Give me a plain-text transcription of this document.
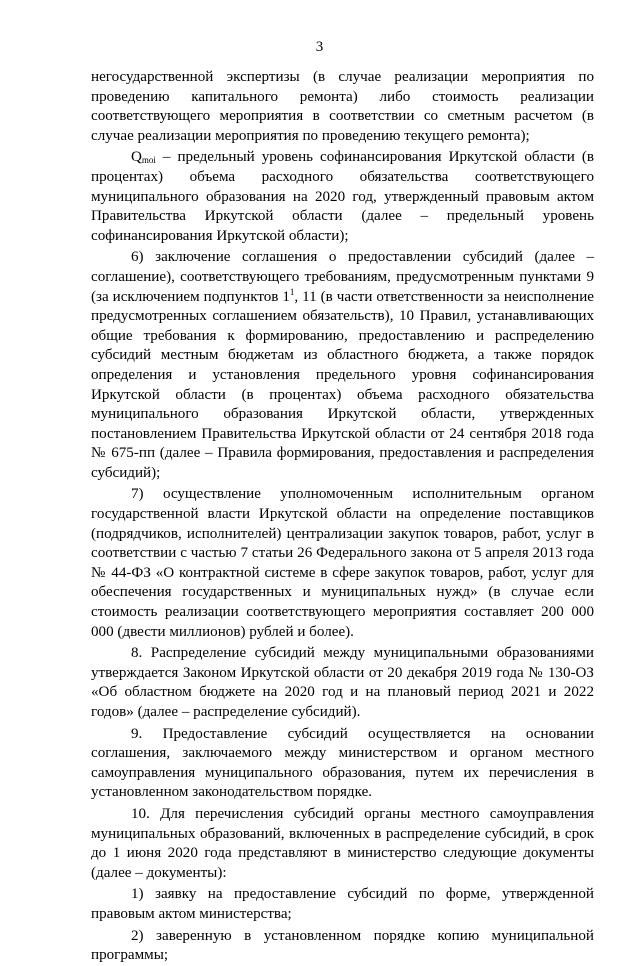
3

негосударственной экспертизы (в случае реализации мероприятия по проведению капитального ремонта) либо стоимость реализации соответствующего мероприятия в соответствии со сметным расчетом (в случае реализации мероприятия по проведению текущего ремонта);

$Q_{moi}$ – предельный уровень софинансирования Иркутской области (в процентах) объема расходного обязательства соответствующего муниципального образования на 2020 год, утвержденный правовым актом Правительства Иркутской области (далее – предельный уровень софинансирования Иркутской области);

6) заключение соглашения о предоставлении субсидий (далее – соглашение), соответствующего требованиям, предусмотренным пунктами 9 (за исключением подпунктов $1^1$, 11 (в части ответственности за неисполнение предусмотренных соглашением обязательств), 10 Правил, устанавливающих общие требования к формированию, предоставлению и распределению субсидий местным бюджетам из областного бюджета, а также порядок определения и установления предельного уровня софинансирования Иркутской области (в процентах) объема расходного обязательства муниципального образования Иркутской области, утвержденных постановлением Правительства Иркутской области от 24 сентября 2018 года № 675-пп (далее – Правила формирования, предоставления и распределения субсидий);

7) осуществление уполномоченным исполнительным органом государственной власти Иркутской области на определение поставщиков (подрядчиков, исполнителей) централизации закупок товаров, работ, услуг в соответствии с частью 7 статьи 26 Федерального закона от 5 апреля 2013 года № 44-ФЗ «О контрактной системе в сфере закупок товаров, работ, услуг для обеспечения государственных и муниципальных нужд» (в случае если стоимость реализации соответствующего мероприятия составляет 200 000 000 (двести миллионов) рублей и более).

8. Распределение субсидий между муниципальными образованиями утверждается Законом Иркутской области от 20 декабря 2019 года № 130-ОЗ «Об областном бюджете на 2020 год и на плановый период 2021 и 2022 годов» (далее – распределение субсидий).

9. Предоставление субсидий осуществляется на основании соглашения, заключаемого между министерством и органом местного самоуправления муниципального образования, путем их перечисления в установленном законодательством порядке.

10. Для перечисления субсидий органы местного самоуправления муниципальных образований, включенных в распределение субсидий, в срок до 1 июня 2020 года представляют в министерство следующие документы (далее – документы):

1) заявку на предоставление субсидий по форме, утвержденной правовым актом министерства;

2) заверенную в установленном порядке копию муниципальной программы;
